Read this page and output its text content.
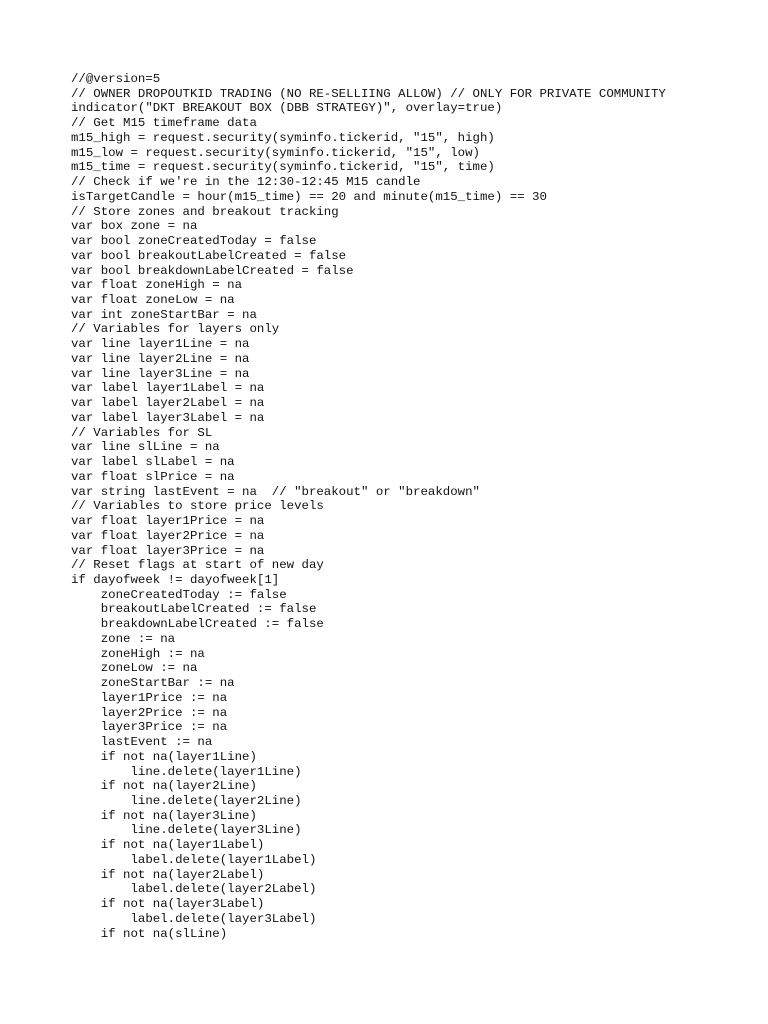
//@version=5
// OWNER DROPOUTKID TRADING (NO RE-SELLIING ALLOW) // ONLY FOR PRIVATE COMMUNITY
indicator("DKT BREAKOUT BOX (DBB STRATEGY)", overlay=true)
// Get M15 timeframe data
m15_high = request.security(syminfo.tickerid, "15", high)
m15_low = request.security(syminfo.tickerid, "15", low)
m15_time = request.security(syminfo.tickerid, "15", time)
// Check if we're in the 12:30-12:45 M15 candle
isTargetCandle = hour(m15_time) == 20 and minute(m15_time) == 30
// Store zones and breakout tracking
var box zone = na
var bool zoneCreatedToday = false
var bool breakoutLabelCreated = false
var bool breakdownLabelCreated = false
var float zoneHigh = na
var float zoneLow = na
var int zoneStartBar = na
// Variables for layers only
var line layer1Line = na
var line layer2Line = na
var line layer3Line = na
var label layer1Label = na
var label layer2Label = na
var label layer3Label = na
// Variables for SL
var line slLine = na
var label slLabel = na
var float slPrice = na
var string lastEvent = na  // "breakout" or "breakdown"
// Variables to store price levels
var float layer1Price = na
var float layer2Price = na
var float layer3Price = na
// Reset flags at start of new day
if dayofweek != dayofweek[1]
zoneCreatedToday := false
breakoutLabelCreated := false
breakdownLabelCreated := false
zone := na
zoneHigh := na
zoneLow := na
zoneStartBar := na
layer1Price := na
layer2Price := na
layer3Price := na
lastEvent := na
if not na(layer1Line)
line.delete(layer1Line)
if not na(layer2Line)
line.delete(layer2Line)
if not na(layer3Line)
line.delete(layer3Line)
if not na(layer1Label)
label.delete(layer1Label)
if not na(layer2Label)
label.delete(layer2Label)
if not na(layer3Label)
label.delete(layer3Label)
if not na(slLine)
